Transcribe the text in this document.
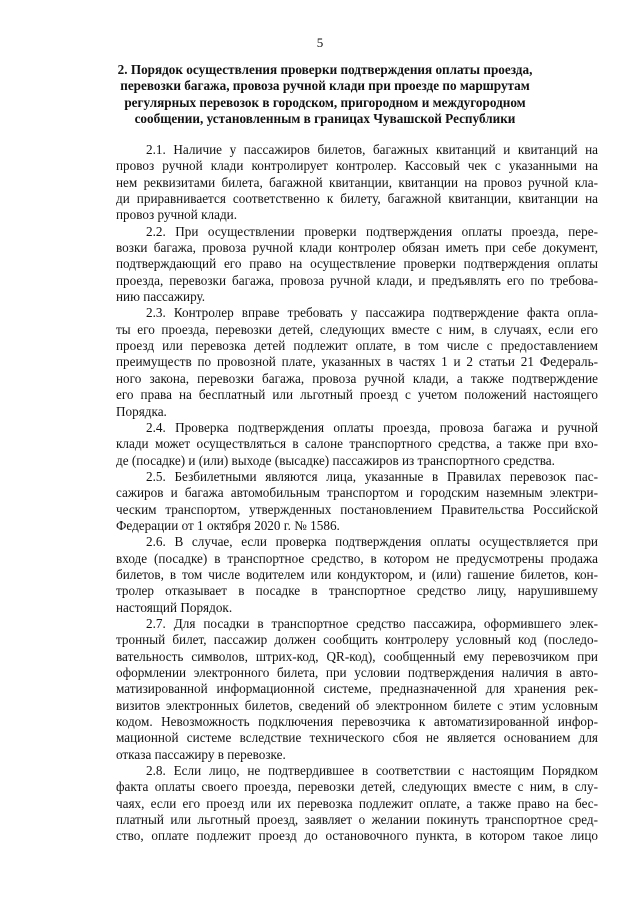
5
2. Порядок осуществления проверки подтверждения оплаты проезда,
перевозки багажа, провоза ручной клади при проезде по маршрутам
регулярных перевозок в городском, пригородном и междугородном
сообщении, установленным в границах Чувашской Республики
2.1. Наличие у пассажиров билетов, багажных квитанций и квитанций на
провоз ручной клади контролирует контролер. Кассовый чек с указанными на
нем реквизитами билета, багажной квитанции, квитанции на провоз ручной кла-
ди приравнивается соответственно к билету, багажной квитанции, квитанции на
провоз ручной клади.
2.2. При осуществлении проверки подтверждения оплаты проезда, пере-
возки багажа, провоза ручной клади контролер обязан иметь при себе документ,
подтверждающий его право на осуществление проверки подтверждения оплаты
проезда, перевозки багажа, провоза ручной клади, и предъявлять его по требова-
нию пассажиру.
2.3. Контролер вправе требовать у пассажира подтверждение факта опла-
ты его проезда, перевозки детей, следующих вместе с ним, в случаях, если его
проезд или перевозка детей подлежит оплате, в том числе с предоставлением
преимуществ по провозной плате, указанных в частях 1 и 2 статьи 21 Федераль-
ного закона, перевозки багажа, провоза ручной клади, а также подтверждение
его права на бесплатный или льготный проезд с учетом положений настоящего
Порядка.
2.4. Проверка подтверждения оплаты проезда, провоза багажа и ручной
клади может осуществляться в салоне транспортного средства, а также при вхо-
де (посадке) и (или) выходе (высадке) пассажиров из транспортного средства.
2.5. Безбилетными являются лица, указанные в Правилах перевозок пас-
сажиров и багажа автомобильным транспортом и городским наземным электри-
ческим транспортом, утвержденных постановлением Правительства Российской
Федерации от 1 октября 2020 г. № 1586.
2.6. В случае, если проверка подтверждения оплаты осуществляется при
входе (посадке) в транспортное средство, в котором не предусмотрены продажа
билетов, в том числе водителем или кондуктором, и (или) гашение билетов, кон-
тролер отказывает в посадке в транспортное средство лицу, нарушившему
настоящий Порядок.
2.7. Для посадки в транспортное средство пассажира, оформившего элек-
тронный билет, пассажир должен сообщить контролеру условный код (последо-
вательность символов, штрих-код, QR-код), сообщенный ему перевозчиком при
оформлении электронного билета, при условии подтверждения наличия в авто-
матизированной информационной системе, предназначенной для хранения рек-
визитов электронных билетов, сведений об электронном билете с этим условным
кодом. Невозможность подключения перевозчика к автоматизированной инфор-
мационной системе вследствие технического сбоя не является основанием для
отказа пассажиру в перевозке.
2.8. Если лицо, не подтвердившее в соответствии с настоящим Порядком
факта оплаты своего проезда, перевозки детей, следующих вместе с ним, в слу-
чаях, если его проезд или их перевозка подлежит оплате, а также право на бес-
платный или льготный проезд, заявляет о желании покинуть транспортное сред-
ство, оплате подлежит проезд до остановочного пункта, в котором такое лицо
